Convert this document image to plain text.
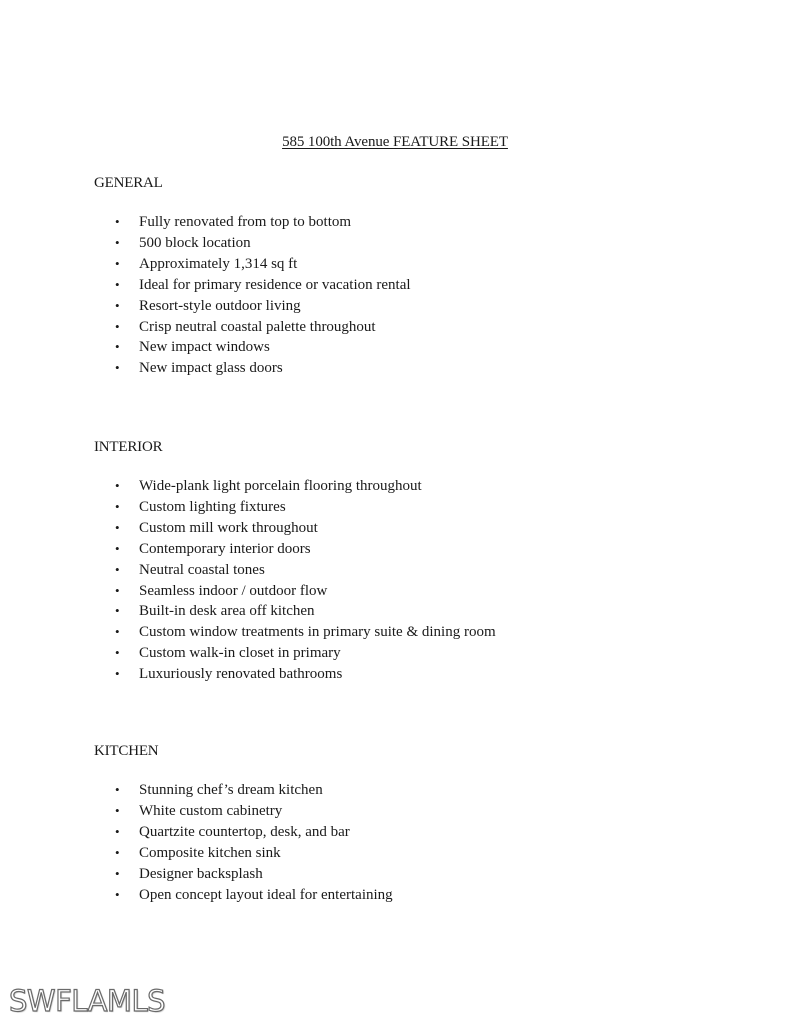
585 100th Avenue FEATURE SHEET
GENERAL
• Fully renovated from top to bottom
• 500 block location
• Approximately 1,314 sq ft
• Ideal for primary residence or vacation rental
• Resort-style outdoor living
• Crisp neutral coastal palette throughout
• New impact windows
• New impact glass doors
INTERIOR
• Wide-plank light porcelain flooring throughout
• Custom lighting fixtures
• Custom mill work throughout
• Contemporary interior doors
• Neutral coastal tones
• Seamless indoor / outdoor flow
• Built-in desk area off kitchen
• Custom window treatments in primary suite & dining room
• Custom walk-in closet in primary
• Luxuriously renovated bathrooms
KITCHEN
• Stunning chef’s dream kitchen
• White custom cabinetry
• Quartzite countertop, desk, and bar
• Composite kitchen sink
• Designer backsplash
• Open concept layout ideal for entertaining
SWFLAMLS
